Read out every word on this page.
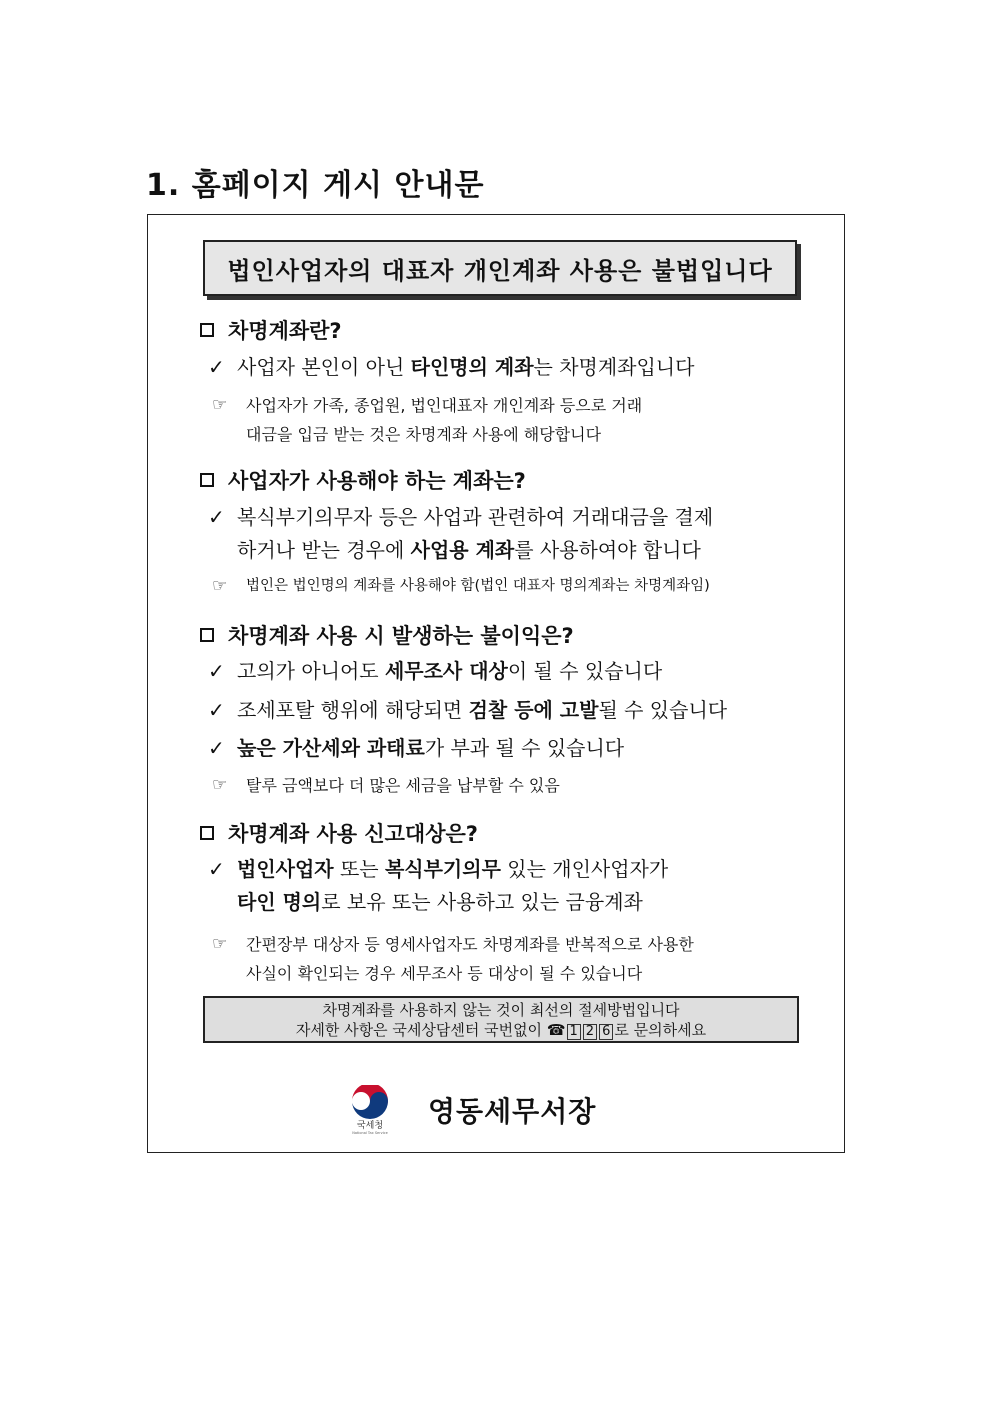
1. 홈페이지 게시 안내문
법인사업자의 대표자 개인계좌 사용은 불법입니다
차명계좌란?
✓ 사업자 본인이 아닌 타인명의 계좌는 차명계좌입니다
☞	사업자가 가족, 종업원, 법인대표자 개인계좌 등으로 거래
대금을 입금 받는 것은 차명계좌 사용에 해당합니다
사업자가 사용해야 하는 계좌는?
✓ 복식부기의무자 등은 사업과 관련하여 거래대금을 결제
하거나 받는 경우에 사업용 계좌를 사용하여야 합니다
☞	법인은 법인명의 계좌를 사용해야 함(법인 대표자 명의계좌는 차명계좌임)
차명계좌 사용 시 발생하는 불이익은?
✓ 고의가 아니어도 세무조사 대상이 될 수 있습니다
✓ 조세포탈 행위에 해당되면 검찰 등에 고발될 수 있습니다
✓ 높은 가산세와 과태료가 부과 될 수 있습니다
☞	탈루 금액보다 더 많은 세금을 납부할 수 있음
차명계좌 사용 신고대상은?
✓ 법인사업자 또는 복식부기의무 있는 개인사업자가
타인 명의로 보유 또는 사용하고 있는 금융계좌
☞	간편장부 대상자 등 영세사업자도 차명계좌를 반복적으로 사용한
사실이 확인되는 경우 세무조사 등 대상이 될 수 있습니다
차명계좌를 사용하지 않는 것이 최선의 절세방법입니다
자세한 사항은 국세상담센터 국번없이 ☎ 1 2 6 로 문의하세요
국세청
National Tax Service
영동세무서장
